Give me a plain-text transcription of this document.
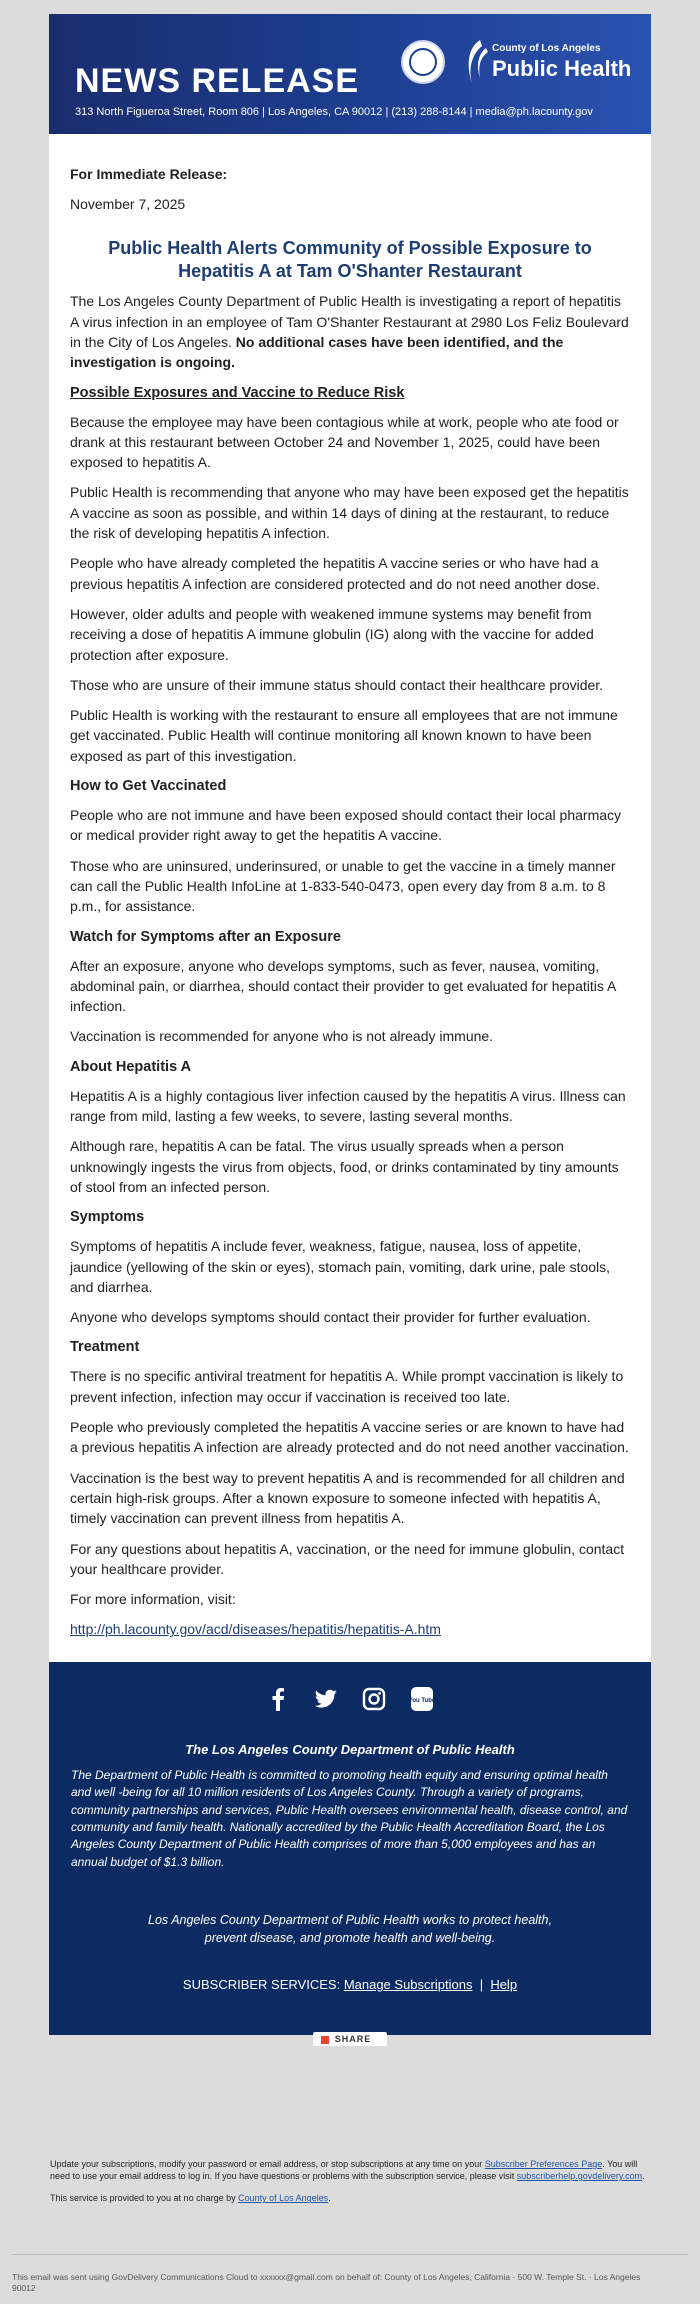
NEWS RELEASE
313 North Figueroa Street, Room 806 | Los Angeles, CA 90012 | (213) 288-8144 | media@ph.lacounty.gov
County of Los Angeles
Public Health

For Immediate Release:

November 7, 2025

Public Health Alerts Community of Possible Exposure to Hepatitis A at Tam O'Shanter Restaurant

The Los Angeles County Department of Public Health is investigating a report of hepatitis A virus infection in an employee of Tam O'Shanter Restaurant at 2980 Los Feliz Boulevard in the City of Los Angeles. No additional cases have been identified, and the investigation is ongoing.

Possible Exposures and Vaccine to Reduce Risk

Because the employee may have been contagious while at work, people who ate food or drank at this restaurant between October 24 and November 1, 2025, could have been exposed to hepatitis A.

Public Health is recommending that anyone who may have been exposed get the hepatitis A vaccine as soon as possible, and within 14 days of dining at the restaurant, to reduce the risk of developing hepatitis A infection.

People who have already completed the hepatitis A vaccine series or who have had a previous hepatitis A infection are considered protected and do not need another dose.

However, older adults and people with weakened immune systems may benefit from receiving a dose of hepatitis A immune globulin (IG) along with the vaccine for added protection after exposure.

Those who are unsure of their immune status should contact their healthcare provider.

Public Health is working with the restaurant to ensure all employees that are not immune get vaccinated. Public Health will continue monitoring all known known to have been exposed as part of this investigation.

How to Get Vaccinated

People who are not immune and have been exposed should contact their local pharmacy or medical provider right away to get the hepatitis A vaccine.

Those who are uninsured, underinsured, or unable to get the vaccine in a timely manner can call the Public Health InfoLine at 1-833-540-0473, open every day from 8 a.m. to 8 p.m., for assistance.

Watch for Symptoms after an Exposure

After an exposure, anyone who develops symptoms, such as fever, nausea, vomiting, abdominal pain, or diarrhea, should contact their provider to get evaluated for hepatitis A infection.

Vaccination is recommended for anyone who is not already immune.

About Hepatitis A

Hepatitis A is a highly contagious liver infection caused by the hepatitis A virus. Illness can range from mild, lasting a few weeks, to severe, lasting several months.

Although rare, hepatitis A can be fatal. The virus usually spreads when a person unknowingly ingests the virus from objects, food, or drinks contaminated by tiny amounts of stool from an infected person.

Symptoms

Symptoms of hepatitis A include fever, weakness, fatigue, nausea, loss of appetite, jaundice (yellowing of the skin or eyes), stomach pain, vomiting, dark urine, pale stools, and diarrhea.

Anyone who develops symptoms should contact their provider for further evaluation.

Treatment

There is no specific antiviral treatment for hepatitis A. While prompt vaccination is likely to prevent infection, infection may occur if vaccination is received too late.

People who previously completed the hepatitis A vaccine series or are known to have had a previous hepatitis A infection are already protected and do not need another vaccination.

Vaccination is the best way to prevent hepatitis A and is recommended for all children and certain high-risk groups. After a known exposure to someone infected with hepatitis A, timely vaccination can prevent illness from hepatitis A.

For any questions about hepatitis A, vaccination, or the need for immune globulin, contact your healthcare provider.

For more information, visit:

http://ph.lacounty.gov/acd/diseases/hepatitis/hepatitis-A.htm

You Tube
The Los Angeles County Department of Public Health
The Department of Public Health is committed to promoting health equity and ensuring optimal health and well -being for all 10 million residents of Los Angeles County. Through a variety of programs, community partnerships and services, Public Health oversees environmental health, disease control, and community and family health. Nationally accredited by the Public Health Accreditation Board, the Los Angeles County Department of Public Health comprises of more than 5,000 employees and has an annual budget of $1.3 billion.
Los Angeles County Department of Public Health works to protect health, prevent disease, and promote health and well-being.
SUBSCRIBER SERVICES: Manage Subscriptions | Help
SHARE

Update your subscriptions, modify your password or email address, or stop subscriptions at any time on your Subscriber Preferences Page. You will need to use your email address to log in. If you have questions or problems with the subscription service, please visit subscriberhelp.govdelivery.com.

This service is provided to you at no charge by County of Los Angeles.

This email was sent using GovDelivery Communications Cloud to xxxxxx@gmail.com on behalf of: County of Los Angeles, California · 500 W. Temple St. · Los Angeles 90012
